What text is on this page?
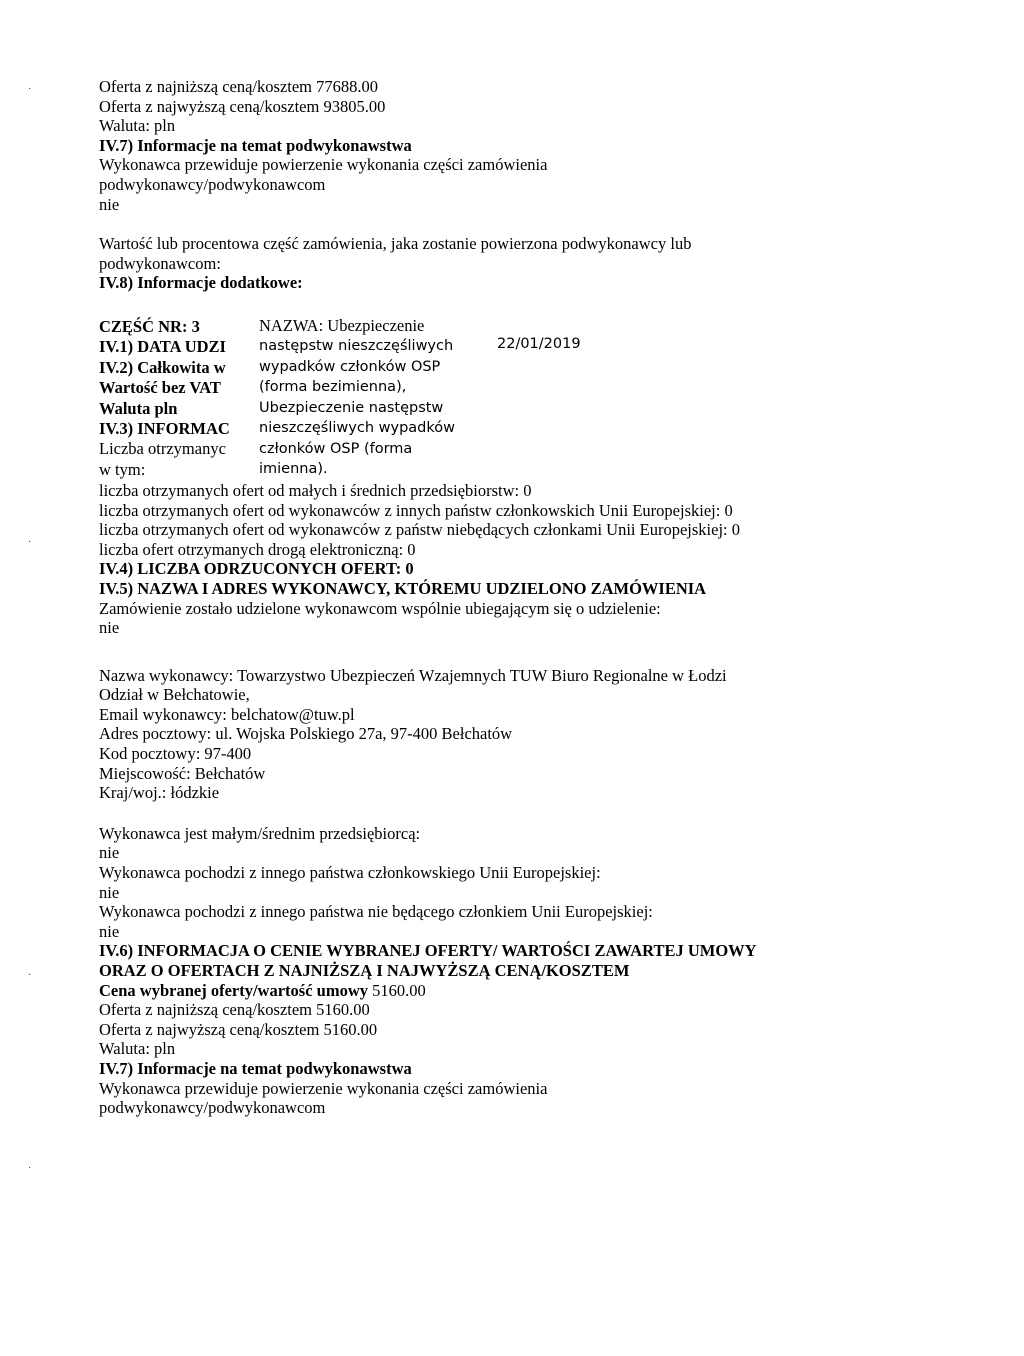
·
·
·
·

Oferta z najniższą ceną/kosztem 77688.00

Oferta z najwyższą ceną/kosztem 93805.00

Waluta: pln

IV.7) Informacje na temat podwykonawstwa

Wykonawca przewiduje powierzenie wykonania części zamówienia

podwykonawcy/podwykonawcom

nie

Wartość lub procentowa część zamówienia, jaka zostanie powierzona podwykonawcy lub

podwykonawcom:

IV.8) Informacje dodatkowe:

CZĘŚĆ NR: 3

IV.1) DATA UDZI

IV.2) Całkowita w

Wartość bez VAT

Waluta pln

IV.3) INFORMAC

Liczba otrzymanyc

w tym:

NAZWA: Ubezpieczenie
następstw nieszczęśliwych
wypadków członków OSP
(forma bezimienna),
Ubezpieczenie następstw
nieszczęśliwych wypadków
członków OSP (forma
imienna).
22/01/2019

liczba otrzymanych ofert od małych i średnich przedsiębiorstw: 0

liczba otrzymanych ofert od wykonawców z innych państw członkowskich Unii Europejskiej: 0

liczba otrzymanych ofert od wykonawców z państw niebędących członkami Unii Europejskiej: 0

liczba ofert otrzymanych drogą elektroniczną: 0

IV.4) LICZBA ODRZUCONYCH OFERT: 0

IV.5) NAZWA I ADRES WYKONAWCY, KTÓREMU UDZIELONO ZAMÓWIENIA

Zamówienie zostało udzielone wykonawcom wspólnie ubiegającym się o udzielenie:

nie

Nazwa wykonawcy: Towarzystwo Ubezpieczeń Wzajemnych TUW Biuro Regionalne w Łodzi

Odział w Bełchatowie,

Email wykonawcy: belchatow@tuw.pl

Adres pocztowy: ul. Wojska Polskiego 27a, 97-400 Bełchatów

Kod pocztowy: 97-400

Miejscowość: Bełchatów

Kraj/woj.: łódzkie

Wykonawca jest małym/średnim przedsiębiorcą:

nie

Wykonawca pochodzi z innego państwa członkowskiego Unii Europejskiej:

nie

Wykonawca pochodzi z innego państwa nie będącego członkiem Unii Europejskiej:

nie

IV.6) INFORMACJA O CENIE WYBRANEJ OFERTY/ WARTOŚCI ZAWARTEJ UMOWY

ORAZ O OFERTACH Z NAJNIŻSZĄ I NAJWYŻSZĄ CENĄ/KOSZTEM

Cena wybranej oferty/wartość umowy 5160.00

Oferta z najniższą ceną/kosztem 5160.00

Oferta z najwyższą ceną/kosztem 5160.00

Waluta: pln

IV.7) Informacje na temat podwykonawstwa

Wykonawca przewiduje powierzenie wykonania części zamówienia

podwykonawcy/podwykonawcom
